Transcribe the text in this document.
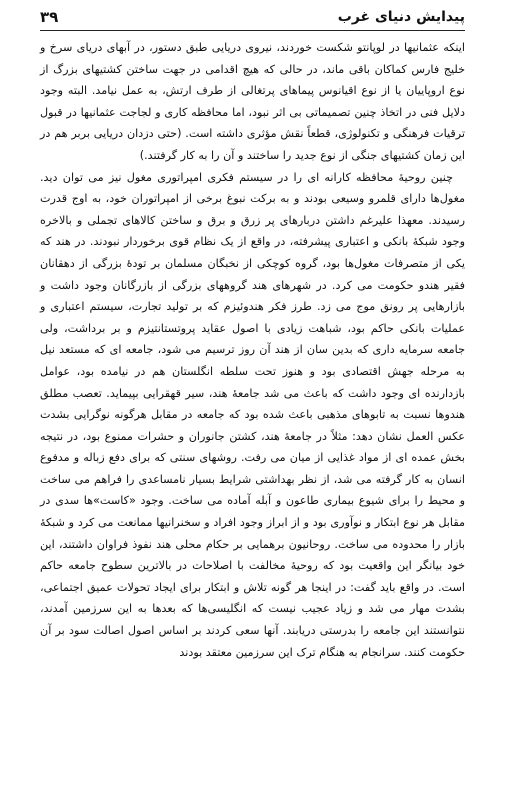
پیدایش دنیای غرب
۳۹

اینکه عثمانیها در لوپانتو شکست خوردند، نیروی دریایی طبق دستور، در آبهای دریای سرخ و خلیج فارس کماکان باقی ماند، در حالی که هیچ اقدامی در جهت ساختن کشتیهای بزرگ از نوع اروپاییان یا از نوع اقیانوس پیماهای پرتغالی از طرف ارتش، به عمل نیامد. البته وجود دلایل فنی در اتخاذ چنین تصمیماتی بی اثر نبود، اما محافظه کاری و لجاجت عثمانیها در قبول ترقیات فرهنگی و تکنولوژی، قطعاً نقش مؤثری داشته است. (حتی دزدان دریایی بربر هم در این زمان کشتیهای جنگی از نوع جدید را ساختند و آن را به کار گرفتند.)

چنین روحیهٔ محافظه کارانه ای را در سیستم فکری امپراتوری مغول نیز می توان دید. مغول‌ها دارای قلمرو وسیعی بودند و به برکت نبوغ برخی از امپراتوران خود، به اوج قدرت رسیدند. معهذا علیرغم داشتن دربارهای پر زرق و برق و ساختن کالاهای تجملی و بالاخره وجود شبکهٔ بانکی و اعتباری پیشرفته، در واقع از یک نظام قوی برخوردار نبودند. در هند که یکی از متصرفات مغول‌ها بود، گروه کوچکی از نخبگان مسلمان بر تودهٔ بزرگی از دهقانان فقیر هندو حکومت می کرد. در شهرهای هند گروههای بزرگی از بازرگانان وجود داشت و بازارهایی پر رونق موج می زد. طرز فکر هندوئیزم که بر تولید تجارت، سیستم اعتباری و عملیات بانکی حاکم بود، شباهت زیادی با اصول عقاید پروتستانتیزم و بر برداشت، ولی جامعه سرمایه داری که بدین سان از هند آن روز ترسیم می شود، جامعه ای که مستعد نیل به مرحله جهش اقتصادی بود و هنوز تحت سلطه انگلستان هم در نیامده بود، عوامل بازدارنده ای وجود داشت که باعث می شد جامعهٔ هند، سیر قهقرایی بپیماید. تعصب مطلق هندوها نسبت به تابوهای مذهبی باعث شده بود که جامعه در مقابل هرگونه نوگرایی بشدت عکس العمل نشان دهد: مثلاً در جامعهٔ هند، کشتن جانوران و حشرات ممنوع بود، در نتیجه بخش عمده ای از مواد غذایی از میان می رفت. روشهای سنتی که برای دفع زباله و مدفوع انسان به کار گرفته می شد، از نظر بهداشتی شرایط بسیار نامساعدی را فراهم می ساخت و محیط را برای شیوع بیماری طاعون و آبله آماده می ساخت. وجود «کاست»ها سدی در مقابل هر نوع ابتکار و نوآوری بود و از ابراز وجود افراد و سخنرانیها ممانعت می کرد و شبکهٔ بازار را محدوده می ساخت. روحانیون برهمایی بر حکام محلی هند نفوذ فراوان داشتند، این خود بیانگر این واقعیت بود که روحیهٔ مخالفت با اصلاحات در بالاترین سطوح جامعه حاکم است. در واقع باید گفت: در اینجا هر گونه تلاش و ابتکار برای ایجاد تحولات عمیق اجتماعی، بشدت مهار می شد و زیاد عجیب نیست که انگلیسی‌ها که بعدها به این سرزمین آمدند، نتوانستند این جامعه را بدرستی دریابند. آنها سعی کردند بر اساس اصول اصالت سود بر آن حکومت کنند. سرانجام به هنگام ترک این سرزمین معتقد بودند
